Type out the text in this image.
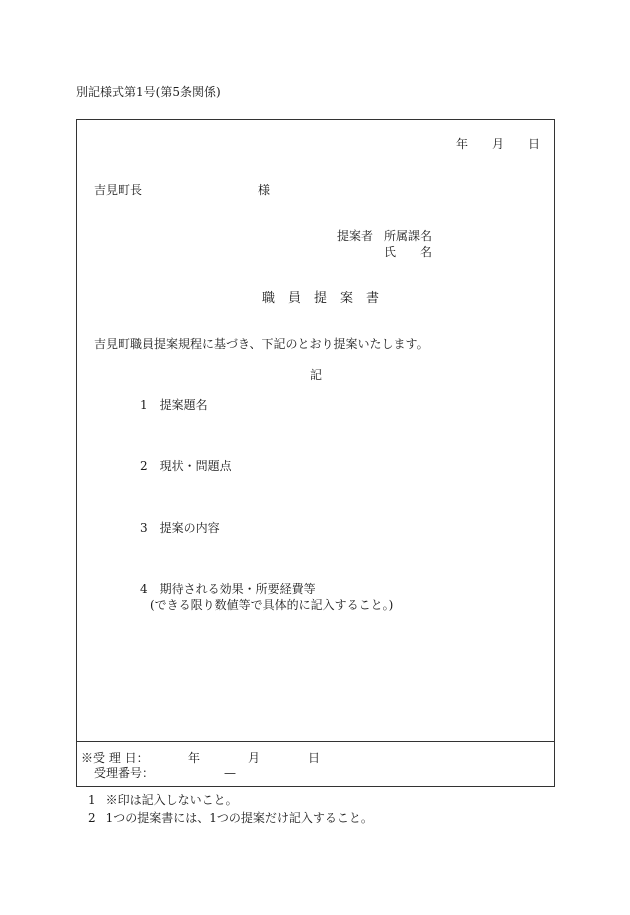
別記様式第1号(第5条関係)
年 月 日
吉見町長	様
提案者 所属課名
氏　　名
職　員　提　案　書
吉見町職員提案規程に基づき、下記のとおり提案いたします。
記
1 提案題名
2 現状・問題点
3 提案の内容
4 期待される効果・所要経費等
(できる限り数値等で具体的に記入すること。)
※受 理 日：	年	月	日
受理番号：	—
1 ※印は記入しないこと。
2 1つの提案書には、1つの提案だけ記入すること。
